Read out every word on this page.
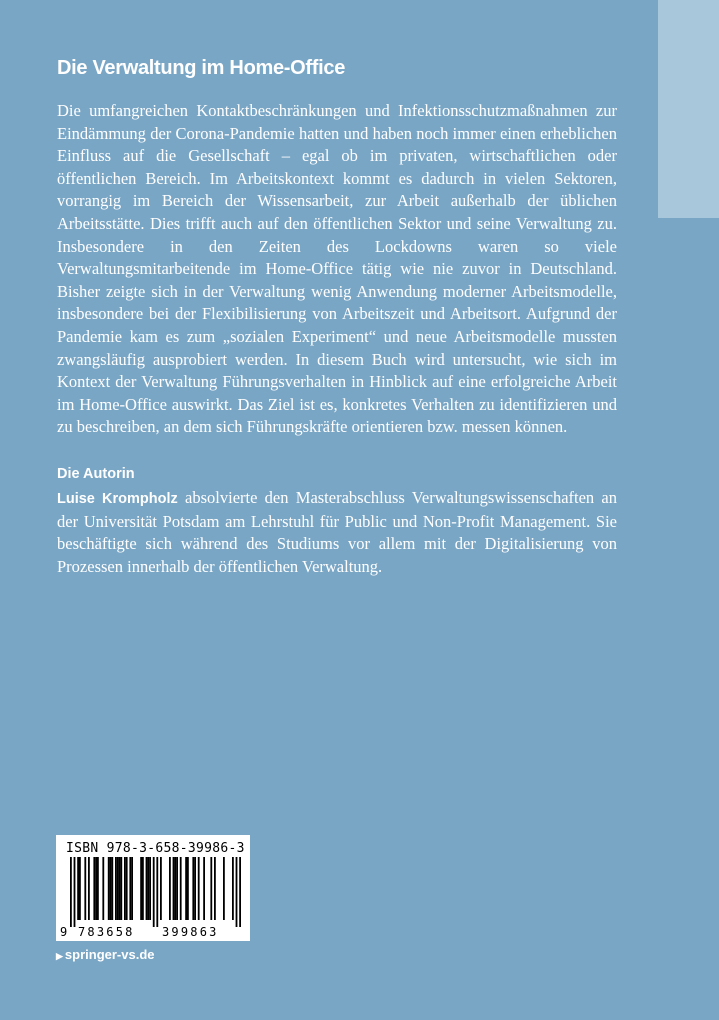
Die Verwaltung im Home-Office

Die umfangreichen Kontaktbeschränkungen und Infektionsschutzmaßnahmen zur Eindämmung der Corona-Pandemie hatten und haben noch immer einen erheblichen Einfluss auf die Gesellschaft – egal ob im privaten, wirtschaftlichen oder öffentlichen Bereich. Im Arbeitskontext kommt es dadurch in vielen Sektoren, vorrangig im Bereich der Wissensarbeit, zur Arbeit außerhalb der üblichen Arbeitsstätte. Dies trifft auch auf den öffentlichen Sektor und seine Verwaltung zu. Insbesondere in den Zeiten des Lockdowns waren so viele Verwaltungsmitarbeitende im Home-Office tätig wie nie zuvor in Deutschland. Bisher zeigte sich in der Verwaltung wenig Anwendung moderner Arbeitsmodelle, insbesondere bei der Flexibilisierung von Arbeitszeit und Arbeitsort. Aufgrund der Pandemie kam es zum „sozialen Experiment“ und neue Arbeitsmodelle mussten zwangsläufig ausprobiert werden. In diesem Buch wird untersucht, wie sich im Kontext der Verwaltung Führungsverhalten in Hinblick auf eine erfolgreiche Arbeit im Home-Office auswirkt. Das Ziel ist es, konkretes Verhalten zu identifizieren und zu beschreiben, an dem sich Führungskräfte orientieren bzw. messen können.

Die Autorin

Luise Krompholz absolvierte den Masterabschluss Verwaltungswissenschaften an der Universität Potsdam am Lehrstuhl für Public und Non-Profit Management. Sie beschäftigte sich während des Studiums vor allem mit der Digitalisierung von Prozessen innerhalb der öffentlichen Verwaltung.

ISBN 978-3-658-39986-3
9 783658 399863
▶ springer-vs.de
